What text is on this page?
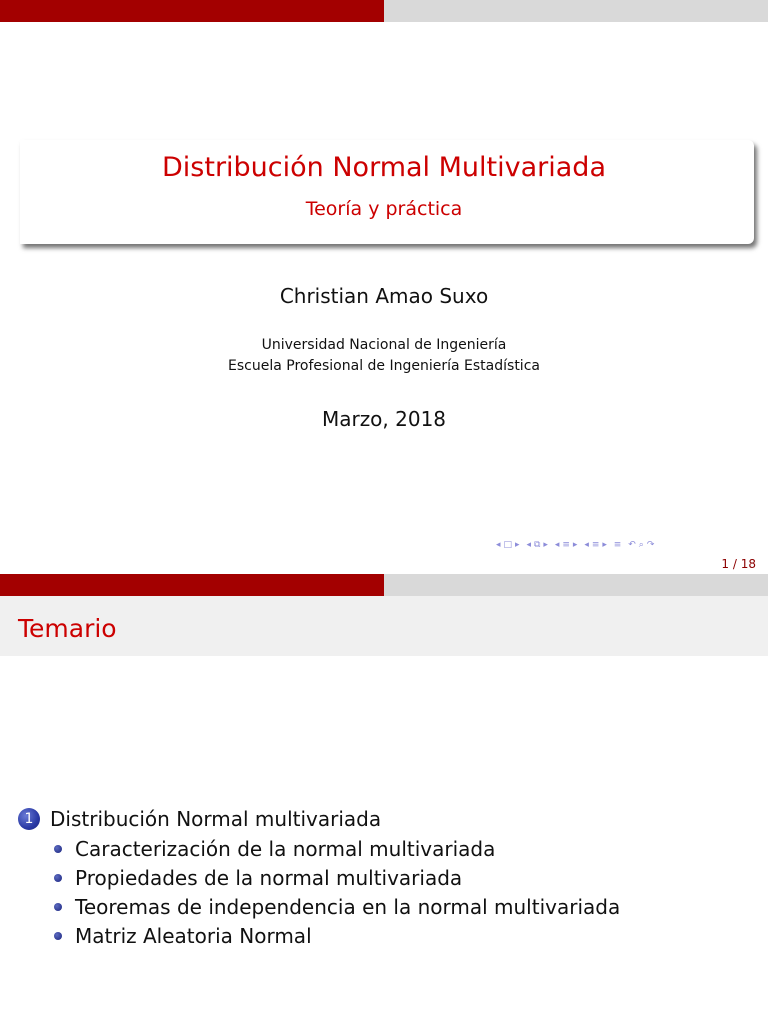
Distribución Normal Multivariada
Teoría y práctica
Christian Amao Suxo
Universidad Nacional de Ingeniería
Escuela Profesional de Ingeniería Estadística
Marzo, 2018
◂ □ ▸ ◂ ⧉ ▸ ◂ ≡ ▸ ◂ ≡ ▸ ≡ ↶ ⌕ ↷
1 / 18
Temario
1 Distribución Normal multivariada
Caracterización de la normal multivariada
Propiedades de la normal multivariada
Teoremas de independencia en la normal multivariada
Matriz Aleatoria Normal
